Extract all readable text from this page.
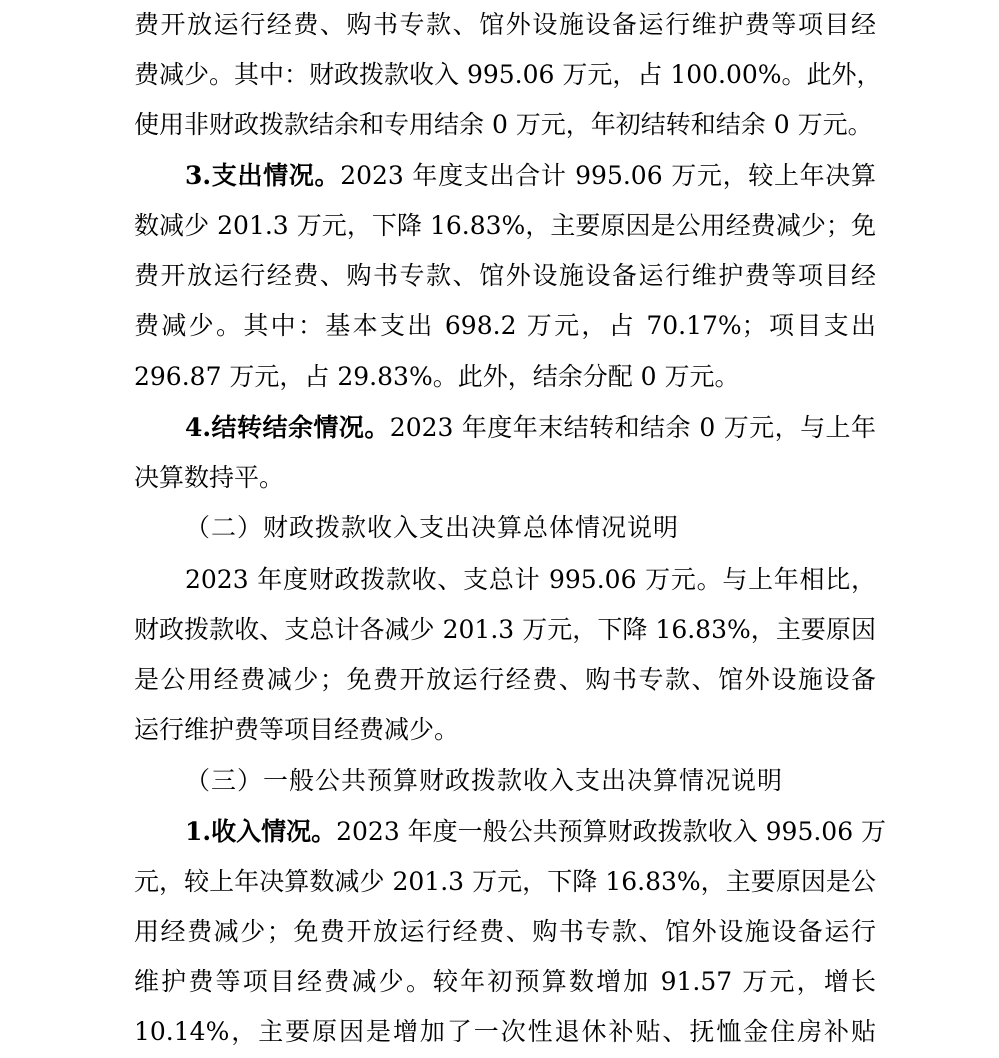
费开放运行经费、购书专款、馆外设施设备运行维护费等项目经
费减少。其中：财政拨款收入 995.06 万元，占 100.00%。此外，
使用非财政拨款结余和专用结余 0 万元，年初结转和结余 0 万元。
3.支出情况。2023 年度支出合计 995.06 万元，较上年决算
数减少 201.3 万元，下降 16.83%，主要原因是公用经费减少；免
费开放运行经费、购书专款、馆外设施设备运行维护费等项目经
费减少。其中：基本支出 698.2 万元，占 70.17%；项目支出
296.87 万元，占 29.83%。此外，结余分配 0 万元。
4.结转结余情况。2023 年度年末结转和结余 0 万元，与上年
决算数持平。
（二）财政拨款收入支出决算总体情况说明
2023 年度财政拨款收、支总计 995.06 万元。与上年相比，
财政拨款收、支总计各减少 201.3 万元，下降 16.83%，主要原因
是公用经费减少；免费开放运行经费、购书专款、馆外设施设备
运行维护费等项目经费减少。
（三）一般公共预算财政拨款收入支出决算情况说明
1.收入情况。2023 年度一般公共预算财政拨款收入 995.06 万
元，较上年决算数减少 201.3 万元，下降 16.83%，主要原因是公
用经费减少；免费开放运行经费、购书专款、馆外设施设备运行
维护费等项目经费减少。较年初预算数增加 91.57 万元，增长
10.14%，主要原因是增加了一次性退休补贴、抚恤金住房补贴
